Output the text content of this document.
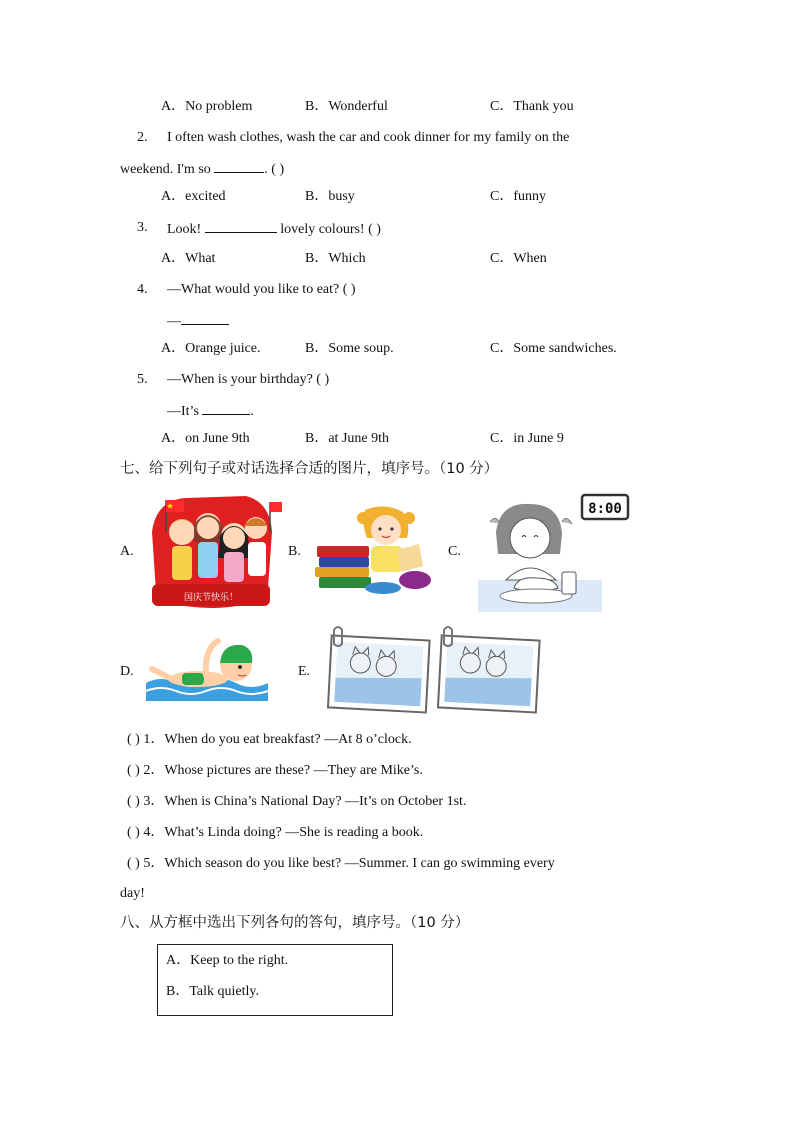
A．No problem	B．Wonderful	C．Thank you
2. I often wash clothes, wash the car and cook dinner for my family on the
weekend. I'm so	. ( )
A．excited	B．busy	C．funny
3. Look!	lovely colours! ( )
A．What	B．Which	C．When
4. —What would you like to eat? ( )
—
A．Orange juice.	B．Some soup.	C．Some sandwiches.
5. —When is your birthday? ( )
—It’s	.
A．on June 9th	B．at June 9th	C．in June 9
七、给下列句子或对话选择合适的图片，填序号。（10 分）
A.
国庆节快乐！
B.	C.
8:00
D.	E.
( ) 1．When do you eat breakfast? —At 8 o’clock.
( ) 2．Whose pictures are these? —They are Mike’s.
( ) 3．When is China’s National Day? —It’s on October 1st.
( ) 4．What’s Linda doing? —She is reading a book.
( ) 5．Which season do you like best? —Summer. I can go swimming every
day!
八、从方框中选出下列各句的答句，填序号。（10 分）
A．Keep to the right.
B．Talk quietly.
